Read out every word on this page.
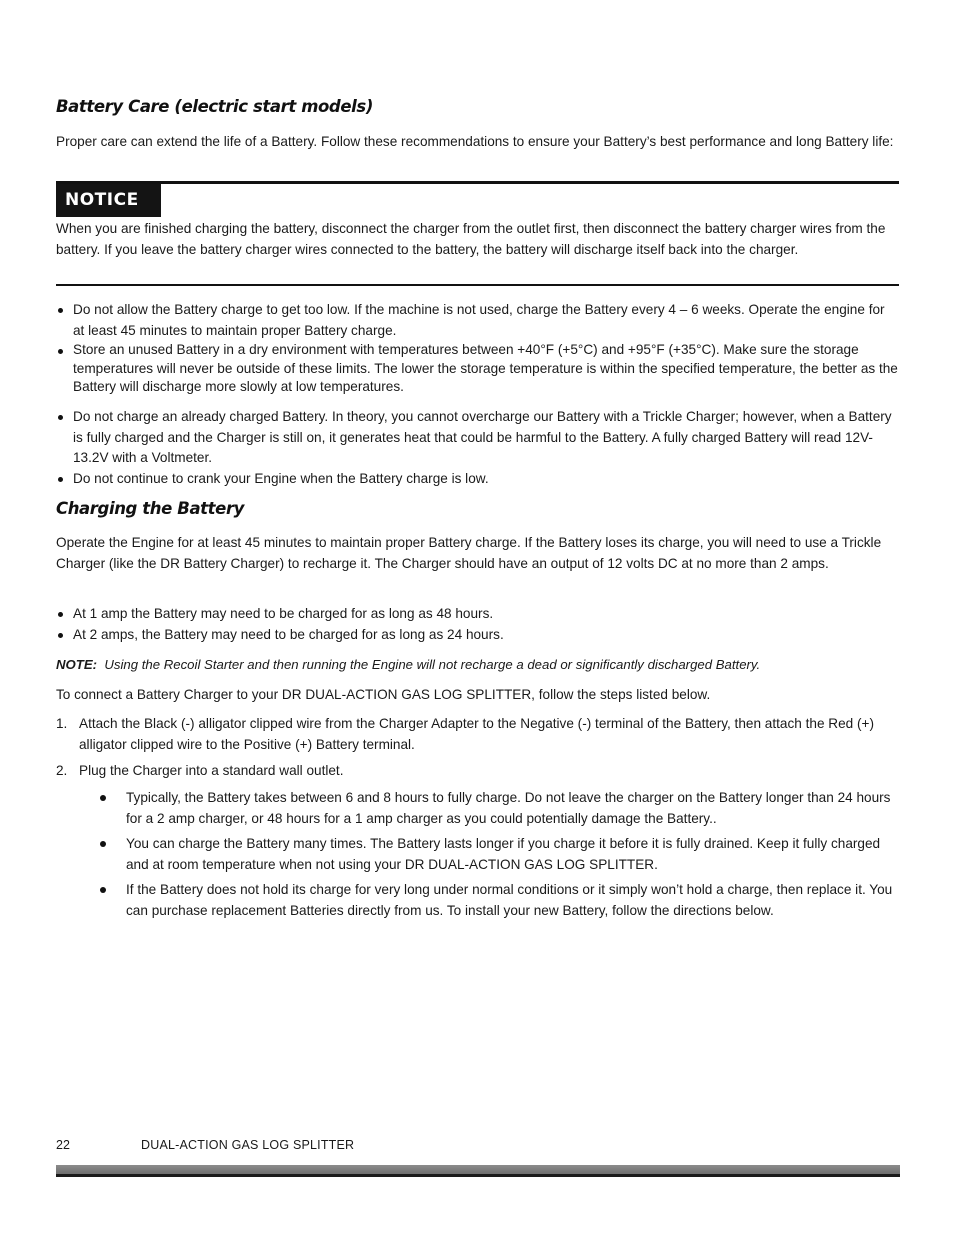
Battery Care (electric start models)

Proper care can extend the life of a Battery. Follow these recommendations to ensure your Battery’s best performance and long Battery life:

NOTICE

When you are finished charging the battery, disconnect the charger from the outlet first, then disconnect the battery charger wires from the battery. If you leave the battery charger wires connected to the battery, the battery will discharge itself back into the charger.

Do not allow the Battery charge to get too low. If the machine is not used, charge the Battery every 4 – 6 weeks. Operate the engine for at least 45 minutes to maintain proper Battery charge.
Store an unused Battery in a dry environment with temperatures between +40°F (+5°C) and +95°F (+35°C). Make sure the storage temperatures will never be outside of these limits. The lower the storage temperature is within the specified temperature, the better as the Battery will discharge more slowly at low temperatures.
Do not charge an already charged Battery. In theory, you cannot overcharge our Battery with a Trickle Charger; however, when a Battery is fully charged and the Charger is still on, it generates heat that could be harmful to the Battery. A fully charged Battery will read 12V-13.2V with a Voltmeter.
Do not continue to crank your Engine when the Battery charge is low.
Charging the Battery

Operate the Engine for at least 45 minutes to maintain proper Battery charge. If the Battery loses its charge, you will need to use a Trickle Charger (like the DR Battery Charger) to recharge it. The Charger should have an output of 12 volts DC at no more than 2 amps.

At 1 amp the Battery may need to be charged for as long as 48 hours.
At 2 amps, the Battery may need to be charged for as long as 24 hours.

NOTE: Using the Recoil Starter and then running the Engine will not recharge a dead or significantly discharged Battery.

To connect a Battery Charger to your DR DUAL-ACTION GAS LOG SPLITTER, follow the steps listed below.

1. Attach the Black (-) alligator clipped wire from the Charger Adapter to the Negative (-) terminal of the Battery, then attach the Red (+) alligator clipped wire to the Positive (+) Battery terminal.
2. Plug the Charger into a standard wall outlet.
Typically, the Battery takes between 6 and 8 hours to fully charge. Do not leave the charger on the Battery longer than 24 hours for a 2 amp charger, or 48 hours for a 1 amp charger as you could potentially damage the Battery..
You can charge the Battery many times. The Battery lasts longer if you charge it before it is fully drained. Keep it fully charged and at room temperature when not using your DR DUAL-ACTION GAS LOG SPLITTER.
If the Battery does not hold its charge for very long under normal conditions or it simply won’t hold a charge, then replace it. You can purchase replacement Batteries directly from us. To install your new Battery, follow the directions below.
22	DUAL-ACTION GAS LOG SPLITTER
